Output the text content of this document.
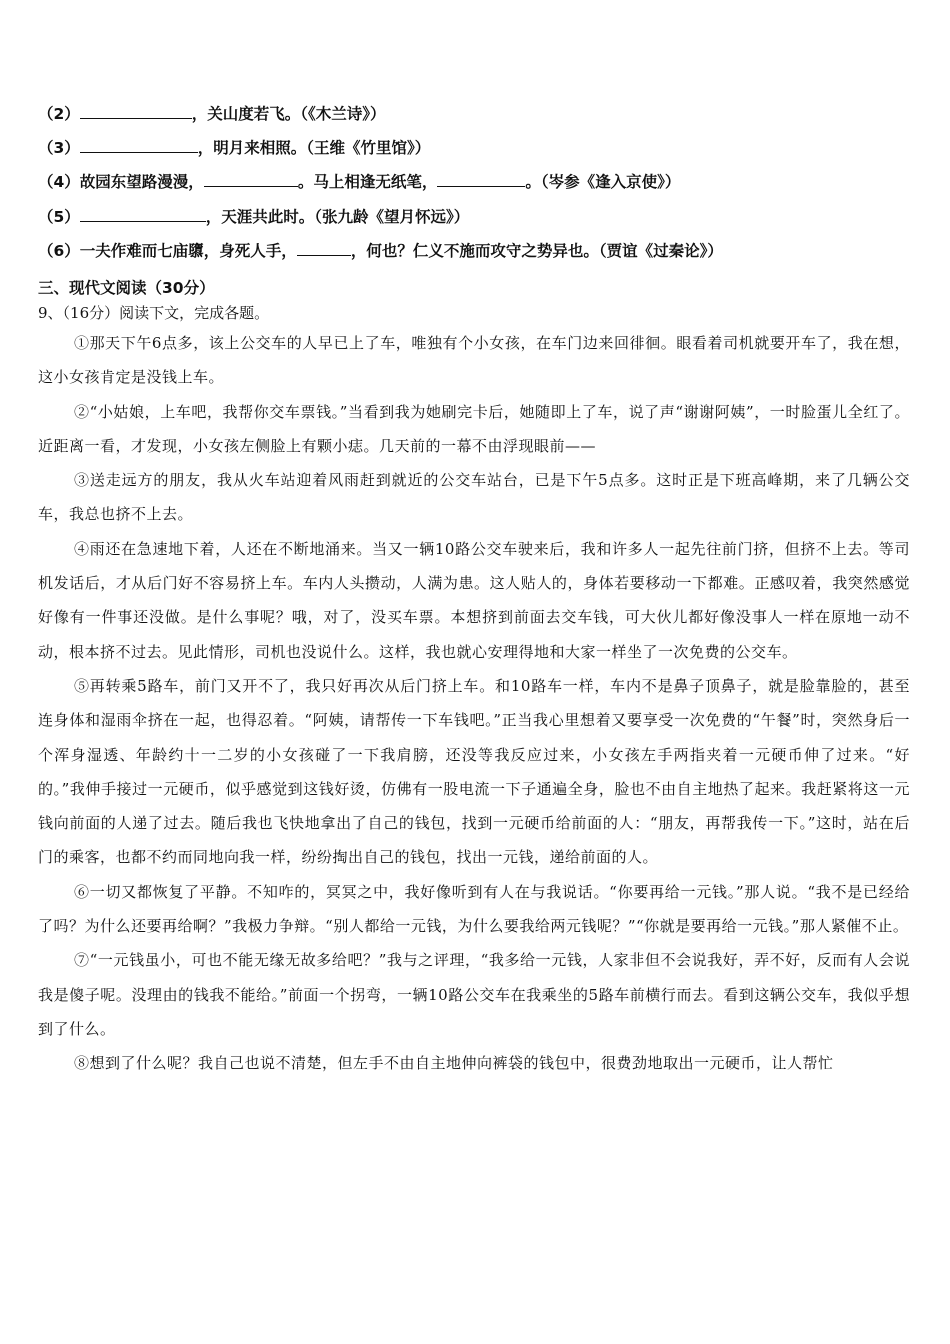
（2）	，关山度若飞。（《木兰诗》）
（3）	，明月来相照。（王维《竹里馆》）
（4）故园东望路漫漫，	。马上相逢无纸笔，	。（岑参《逢入京使》）
（5）	，天涯共此时。（张九龄《望月怀远》）
（6）一夫作难而七庙隳，身死人手，	，何也？仁义不施而攻守之势异也。（贾谊《过秦论》）
三、现代文阅读（30分）
9、（16分）阅读下文，完成各题。

①那天下午6点多，该上公交车的人早已上了车，唯独有个小女孩，在车门边来回徘徊。眼看着司机就要开车了，我在想，这小女孩肯定是没钱上车。

②“小姑娘，上车吧，我帮你交车票钱。”当看到我为她刷完卡后，她随即上了车，说了声“谢谢阿姨”，一时脸蛋儿全红了。近距离一看，才发现，小女孩左侧脸上有颗小痣。几天前的一幕不由浮现眼前——

③送走远方的朋友，我从火车站迎着风雨赶到就近的公交车站台，已是下午5点多。这时正是下班高峰期，来了几辆公交车，我总也挤不上去。

④雨还在急速地下着，人还在不断地涌来。当又一辆10路公交车驶来后，我和许多人一起先往前门挤，但挤不上去。等司机发话后，才从后门好不容易挤上车。车内人头攒动，人满为患。这人贴人的，身体若要移动一下都难。正感叹着，我突然感觉好像有一件事还没做。是什么事呢？哦，对了，没买车票。本想挤到前面去交车钱，可大伙儿都好像没事人一样在原地一动不动，根本挤不过去。见此情形，司机也没说什么。这样，我也就心安理得地和大家一样坐了一次免费的公交车。

⑤再转乘5路车，前门又开不了，我只好再次从后门挤上车。和10路车一样，车内不是鼻子顶鼻子，就是脸靠脸的，甚至连身体和湿雨伞挤在一起，也得忍着。“阿姨，请帮传一下车钱吧。”正当我心里想着又要享受一次免费的“午餐”时，突然身后一个浑身湿透、年龄约十一二岁的小女孩碰了一下我肩膀，还没等我反应过来，小女孩左手两指夹着一元硬币伸了过来。“好的。”我伸手接过一元硬币，似乎感觉到这钱好烫，仿佛有一股电流一下子通遍全身，脸也不由自主地热了起来。我赶紧将这一元钱向前面的人递了过去。随后我也飞快地拿出了自己的钱包，找到一元硬币给前面的人：“朋友，再帮我传一下。”这时，站在后门的乘客，也都不约而同地向我一样，纷纷掏出自己的钱包，找出一元钱，递给前面的人。

⑥一切又都恢复了平静。不知咋的，冥冥之中，我好像听到有人在与我说话。“你要再给一元钱。”那人说。“我不是已经给了吗？为什么还要再给啊？”我极力争辩。“别人都给一元钱，为什么要我给两元钱呢？”“你就是要再给一元钱。”那人紧催不止。

⑦“一元钱虽小，可也不能无缘无故多给吧？”我与之评理，“我多给一元钱，人家非但不会说我好，弄不好，反而有人会说我是傻子呢。没理由的钱我不能给。”前面一个拐弯，一辆10路公交车在我乘坐的5路车前横行而去。看到这辆公交车，我似乎想到了什么。

⑧想到了什么呢？我自己也说不清楚，但左手不由自主地伸向裤袋的钱包中，很费劲地取出一元硬币，让人帮忙
